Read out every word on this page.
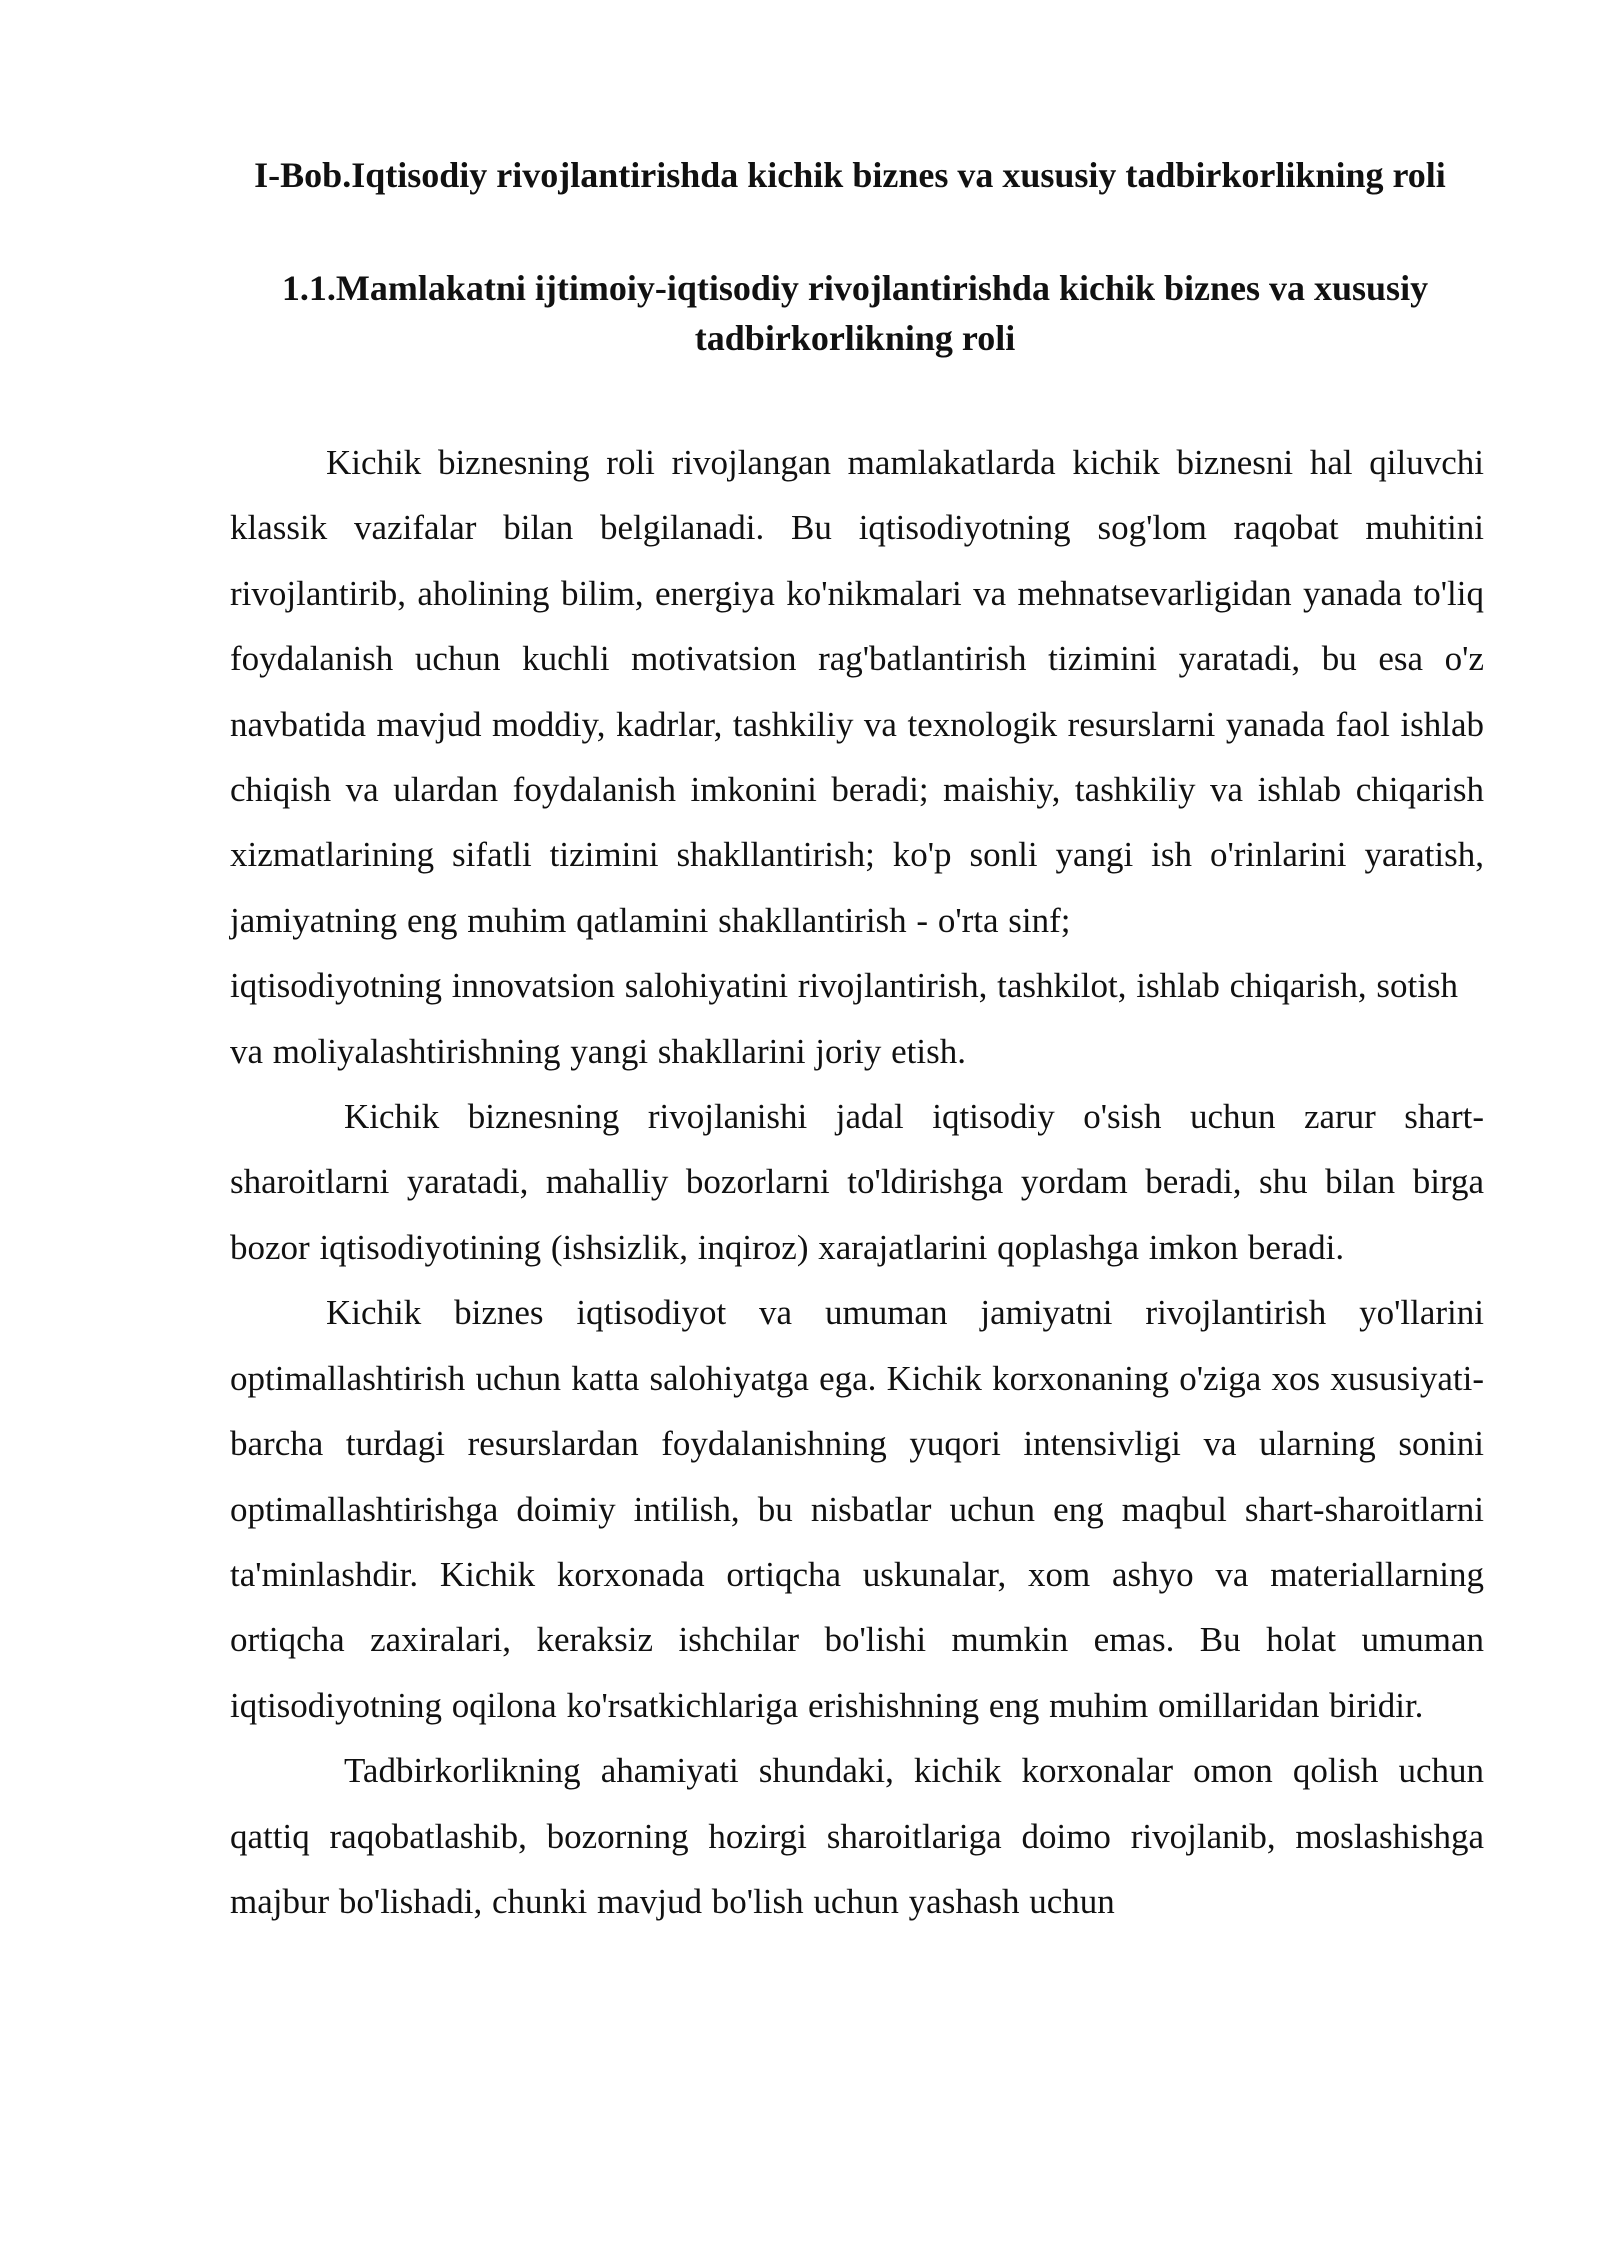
I-Bob.Iqtisodiy rivojlantirishda kichik biznes va xususiy tadbirkorlikning roli
1.1.Mamlakatni ijtimoiy-iqtisodiy rivojlantirishda kichik biznes va xususiy tadbirkorlikning roli

Kichik biznesning roli rivojlangan mamlakatlarda kichik biznesni hal qiluvchi klassik vazifalar bilan belgilanadi. Bu iqtisodiyotning sog'lom raqobat muhitini rivojlantirib, aholining bilim, energiya ko'nikmalari va mehnatsevarligidan yanada to'liq foydalanish uchun kuchli motivatsion rag'batlantirish tizimini yaratadi, bu esa o'z navbatida mavjud moddiy, kadrlar, tashkiliy va texnologik resurslarni yanada faol ishlab chiqish va ulardan foydalanish imkonini beradi; maishiy, tashkiliy va ishlab chiqarish xizmatlarining sifatli tizimini shakllantirish; ko'p sonli yangi ish o'rinlarini yaratish, jamiyatning eng muhim qatlamini shakllantirish - o'rta sinf;

iqtisodiyotning innovatsion salohiyatini rivojlantirish, tashkilot, ishlab chiqarish, sotish va moliyalashtirishning yangi shakllarini joriy etish.

Kichik biznesning rivojlanishi jadal iqtisodiy o'sish uchun zarur shart-sharoitlarni yaratadi, mahalliy bozorlarni to'ldirishga yordam beradi, shu bilan birga bozor iqtisodiyotining (ishsizlik, inqiroz) xarajatlarini qoplashga imkon beradi.

Kichik biznes iqtisodiyot va umuman jamiyatni rivojlantirish yo'llarini optimallashtirish uchun katta salohiyatga ega. Kichik korxonaning o'ziga xos xususiyati-barcha turdagi resurslardan foydalanishning yuqori intensivligi va ularning sonini optimallashtirishga doimiy intilish, bu nisbatlar uchun eng maqbul shart-sharoitlarni ta'minlashdir. Kichik korxonada ortiqcha uskunalar, xom ashyo va materiallarning ortiqcha zaxiralari, keraksiz ishchilar bo'lishi mumkin emas. Bu holat umuman iqtisodiyotning oqilona ko'rsatkichlariga erishishning eng muhim omillaridan biridir.

Tadbirkorlikning ahamiyati shundaki, kichik korxonalar omon qolish uchun qattiq raqobatlashib, bozorning hozirgi sharoitlariga doimo rivojlanib, moslashishga majbur bo'lishadi, chunki mavjud bo'lish uchun yashash uchun
